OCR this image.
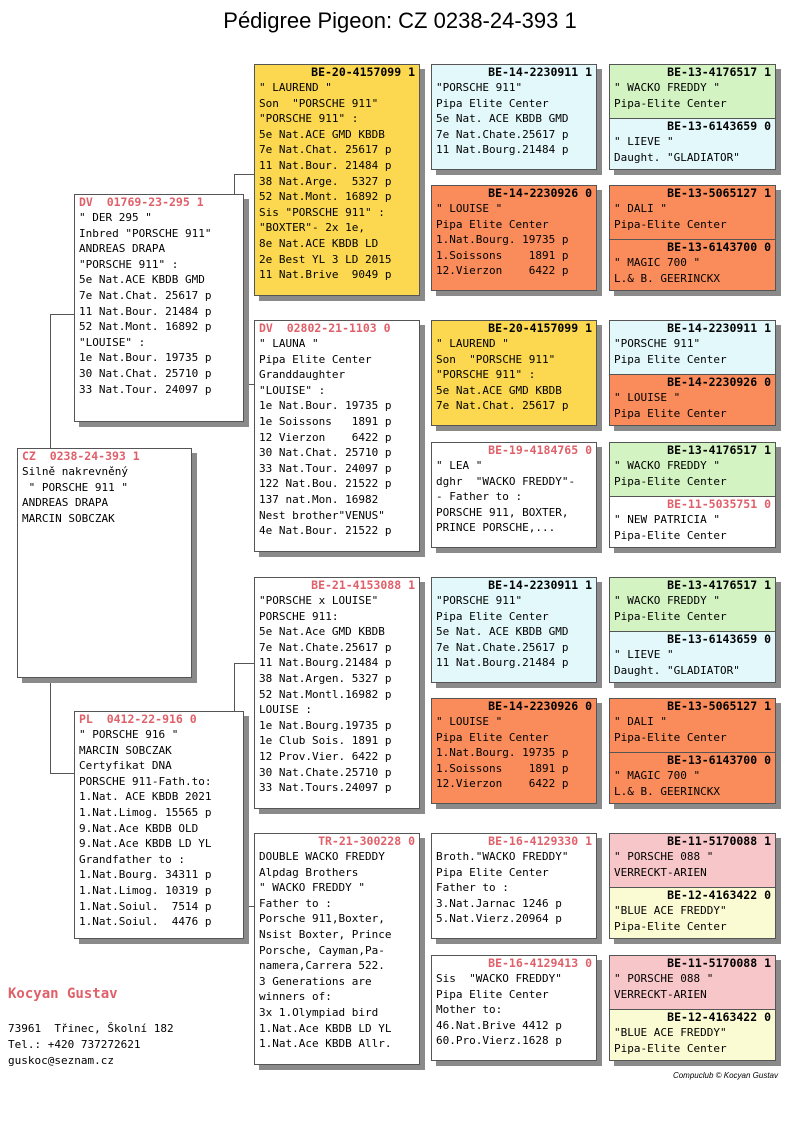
Pédigree Pigeon: CZ 0238-24-393 1
CZ  0238-24-393 1
Silně nakrevněný
" PORSCHE 911 "
ANDREAS DRAPA
MARCIN SOBCZAK
DV  01769-23-295 1
" DER 295 "
Inbred "PORSCHE 911"
ANDREAS DRAPA
"PORSCHE 911" :
5e Nat.ACE KBDB GMD
7e Nat.Chat. 25617 p
11 Nat.Bour. 21484 p
52 Nat.Mont. 16892 p
"LOUISE" :
1e Nat.Bour. 19735 p
30 Nat.Chat. 25710 p
33 Nat.Tour. 24097 p
PL  0412-22-916 0
" PORSCHE 916 "
MARCIN SOBCZAK
Certyfikat DNA
PORSCHE 911-Fath.to:
1.Nat. ACE KBDB 2021
1.Nat.Limog. 15565 p
9.Nat.Ace KBDB OLD
9.Nat.Ace KBDB LD YL
Grandfather to :
1.Nat.Bourg. 34311 p
1.Nat.Limog. 10319 p
1.Nat.Soiul.  7514 p
1.Nat.Soiul.  4476 p
BE-20-4157099 1
" LAUREND "
Son  "PORSCHE 911"
"PORSCHE 911" :
5e Nat.ACE GMD KBDB
7e Nat.Chat. 25617 p
11 Nat.Bour. 21484 p
38 Nat.Arge.  5327 p
52 Nat.Mont. 16892 p
Sis "PORSCHE 911" :
"BOXTER"- 2x 1e,
8e Nat.ACE KBDB LD
2e Best YL 3 LD 2015
11 Nat.Brive  9049 p
DV  02802-21-1103 0
" LAUNA "
Pipa Elite Center
Granddaughter
"LOUISE" :
1e Nat.Bour. 19735 p
1e Soissons   1891 p
12 Vierzon    6422 p
30 Nat.Chat. 25710 p
33 Nat.Tour. 24097 p
122 Nat.Bou. 21522 p
137 nat.Mon. 16982
Nest brother"VENUS"
4e Nat.Bour. 21522 p
BE-21-4153088 1
"PORSCHE x LOUISE"
PORSCHE 911:
5e Nat.Ace GMD KBDB
7e Nat.Chate.25617 p
11 Nat.Bourg.21484 p
38 Nat.Argen. 5327 p
52 Nat.Montl.16982 p
LOUISE :
1e Nat.Bourg.19735 p
1e Club Sois. 1891 p
12 Prov.Vier. 6422 p
30 Nat.Chate.25710 p
33 Nat.Tours.24097 p
TR-21-300228 0
DOUBLE WACKO FREDDY
Alpdag Brothers
" WACKO FREDDY "
Father to :
Porsche 911,Boxter,
Nsist Boxter, Prince
Porsche, Cayman,Pa-
namera,Carrera 522.
3 Generations are
winners of:
3x 1.Olympiad bird
1.Nat.Ace KBDB LD YL
1.Nat.Ace KBDB Allr.
BE-14-2230911 1
"PORSCHE 911"
Pipa Elite Center
5e Nat. ACE KBDB GMD
7e Nat.Chate.25617 p
11 Nat.Bourg.21484 p
BE-14-2230926 0
" LOUISE "
Pipa Elite Center
1.Nat.Bourg. 19735 p
1.Soissons    1891 p
12.Vierzon    6422 p
BE-20-4157099 1
" LAUREND "
Son  "PORSCHE 911"
"PORSCHE 911" :
5e Nat.ACE GMD KBDB
7e Nat.Chat. 25617 p
BE-19-4184765 0
" LEA "
dghr  "WACKO FREDDY"-
- Father to :
PORSCHE 911, BOXTER,
PRINCE PORSCHE,...
BE-14-2230911 1
"PORSCHE 911"
Pipa Elite Center
5e Nat. ACE KBDB GMD
7e Nat.Chate.25617 p
11 Nat.Bourg.21484 p
BE-14-2230926 0
" LOUISE "
Pipa Elite Center
1.Nat.Bourg. 19735 p
1.Soissons    1891 p
12.Vierzon    6422 p
BE-16-4129330 1
Broth."WACKO FREDDY"
Pipa Elite Center
Father to :
3.Nat.Jarnac 1246 p
5.Nat.Vierz.20964 p
BE-16-4129413 0
Sis  "WACKO FREDDY"
Pipa Elite Center
Mother to:
46.Nat.Brive 4412 p
60.Pro.Vierz.1628 p
BE-13-4176517 1
" WACKO FREDDY "
Pipa-Elite Center
BE-13-6143659 0
" LIEVE "
Daught. "GLADIATOR"
BE-13-5065127 1
" DALI "
Pipa-Elite Center
BE-13-6143700 0
" MAGIC 700 "
L.& B. GEERINCKX
BE-14-2230911 1
"PORSCHE 911"
Pipa Elite Center
BE-14-2230926 0
" LOUISE "
Pipa Elite Center
BE-13-4176517 1
" WACKO FREDDY "
Pipa-Elite Center
BE-11-5035751 0
" NEW PATRICIA "
Pipa-Elite Center
BE-13-4176517 1
" WACKO FREDDY "
Pipa-Elite Center
BE-13-6143659 0
" LIEVE "
Daught. "GLADIATOR"
BE-13-5065127 1
" DALI "
Pipa-Elite Center
BE-13-6143700 0
" MAGIC 700 "
L.& B. GEERINCKX
BE-11-5170088 1
" PORSCHE 088 "
VERRECKT-ARIEN
BE-12-4163422 0
"BLUE ACE FREDDY"
Pipa-Elite Center
BE-11-5170088 1
" PORSCHE 088 "
VERRECKT-ARIEN
BE-12-4163422 0
"BLUE ACE FREDDY"
Pipa-Elite Center
Kocyan Gustav
73961  Třinec, Školní 182
Tel.: +420 737272621
guskoc@seznam.cz
Compuclub © Kocyan Gustav
